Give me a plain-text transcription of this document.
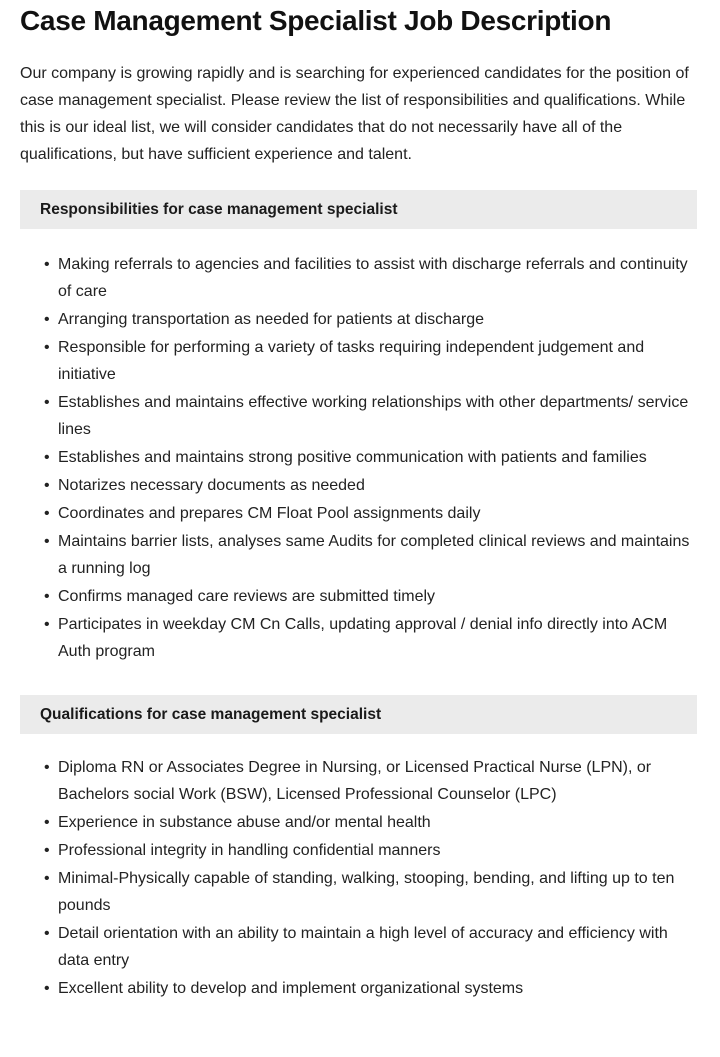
Case Management Specialist Job Description

Our company is growing rapidly and is searching for experienced candidates for the position of case management specialist. Please review the list of responsibilities and qualifications. While this is our ideal list, we will consider candidates that do not necessarily have all of the qualifications, but have sufficient experience and talent.

Responsibilities for case management specialist
• Making referrals to agencies and facilities to assist with discharge referrals and continuity of care
• Arranging transportation as needed for patients at discharge
• Responsible for performing a variety of tasks requiring independent judgement and initiative
• Establishes and maintains effective working relationships with other departments/ service lines
• Establishes and maintains strong positive communication with patients and families
• Notarizes necessary documents as needed
• Coordinates and prepares CM Float Pool assignments daily
• Maintains barrier lists, analyses same Audits for completed clinical reviews and maintains a running log
• Confirms managed care reviews are submitted timely
• Participates in weekday CM Cn Calls, updating approval / denial info directly into ACM Auth program
Qualifications for case management specialist
• Diploma RN or Associates Degree in Nursing, or Licensed Practical Nurse (LPN), or Bachelors social Work (BSW), Licensed Professional Counselor (LPC)
• Experience in substance abuse and/or mental health
• Professional integrity in handling confidential manners
• Minimal-Physically capable of standing, walking, stooping, bending, and lifting up to ten pounds
• Detail orientation with an ability to maintain a high level of accuracy and efficiency with data entry
• Excellent ability to develop and implement organizational systems
